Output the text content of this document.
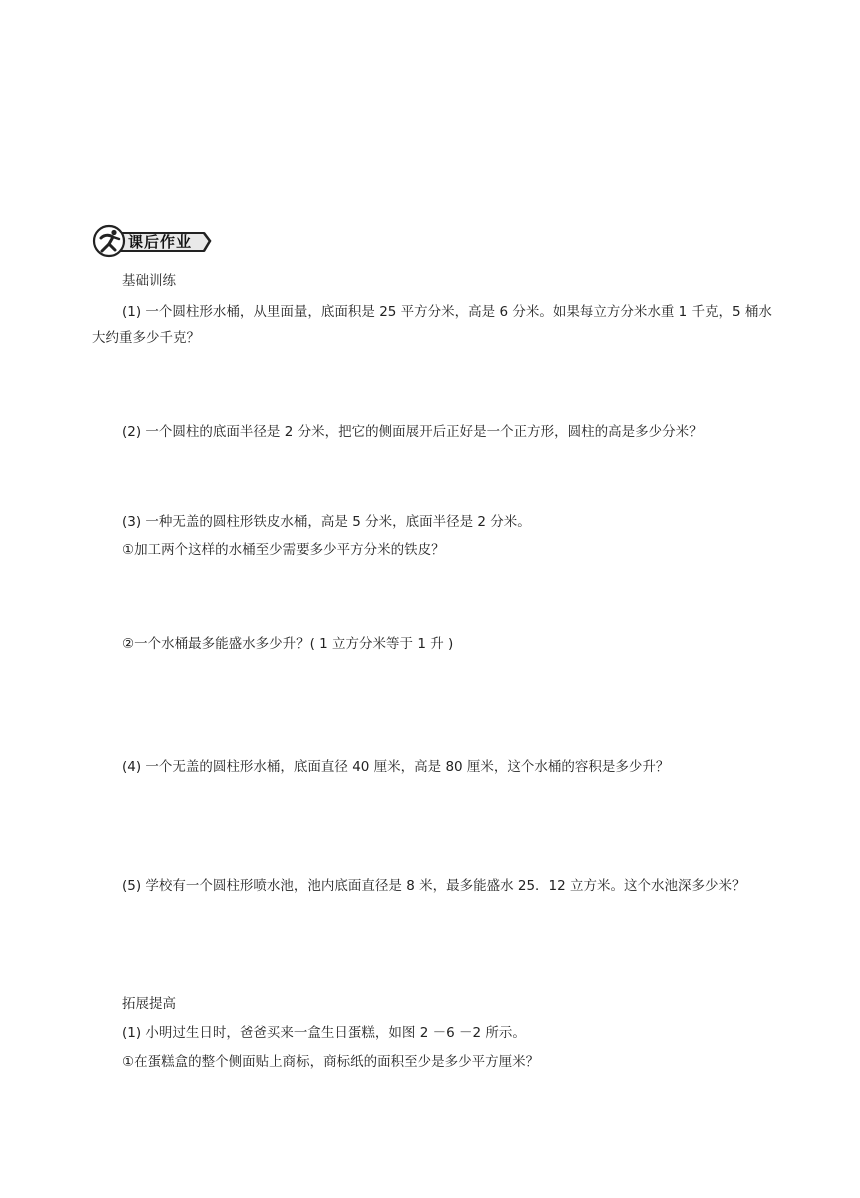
课后作业
基础训练
(1) 一个圆柱形水桶，从里面量，底面积是 25 平方分米，高是 6 分米。如果每立方分米水重 1 千克，5 桶水大约重多少千克？
(2) 一个圆柱的底面半径是 2 分米，把它的侧面展开后正好是一个正方形，圆柱的高是多少分米？
(3) 一种无盖的圆柱形铁皮水桶，高是 5 分米，底面半径是 2 分米。
①加工两个这样的水桶至少需要多少平方分米的铁皮？
②一个水桶最多能盛水多少升？( 1 立方分米等于 1 升 )
(4) 一个无盖的圆柱形水桶，底面直径 40 厘米，高是 80 厘米，这个水桶的容积是多少升？
(5) 学校有一个圆柱形喷水池，池内底面直径是 8 米，最多能盛水 25．12 立方米。这个水池深多少米？
拓展提高
(1) 小明过生日时，爸爸买来一盒生日蛋糕，如图 2 －6 －2 所示。
①在蛋糕盒的整个侧面贴上商标，商标纸的面积至少是多少平方厘米？
